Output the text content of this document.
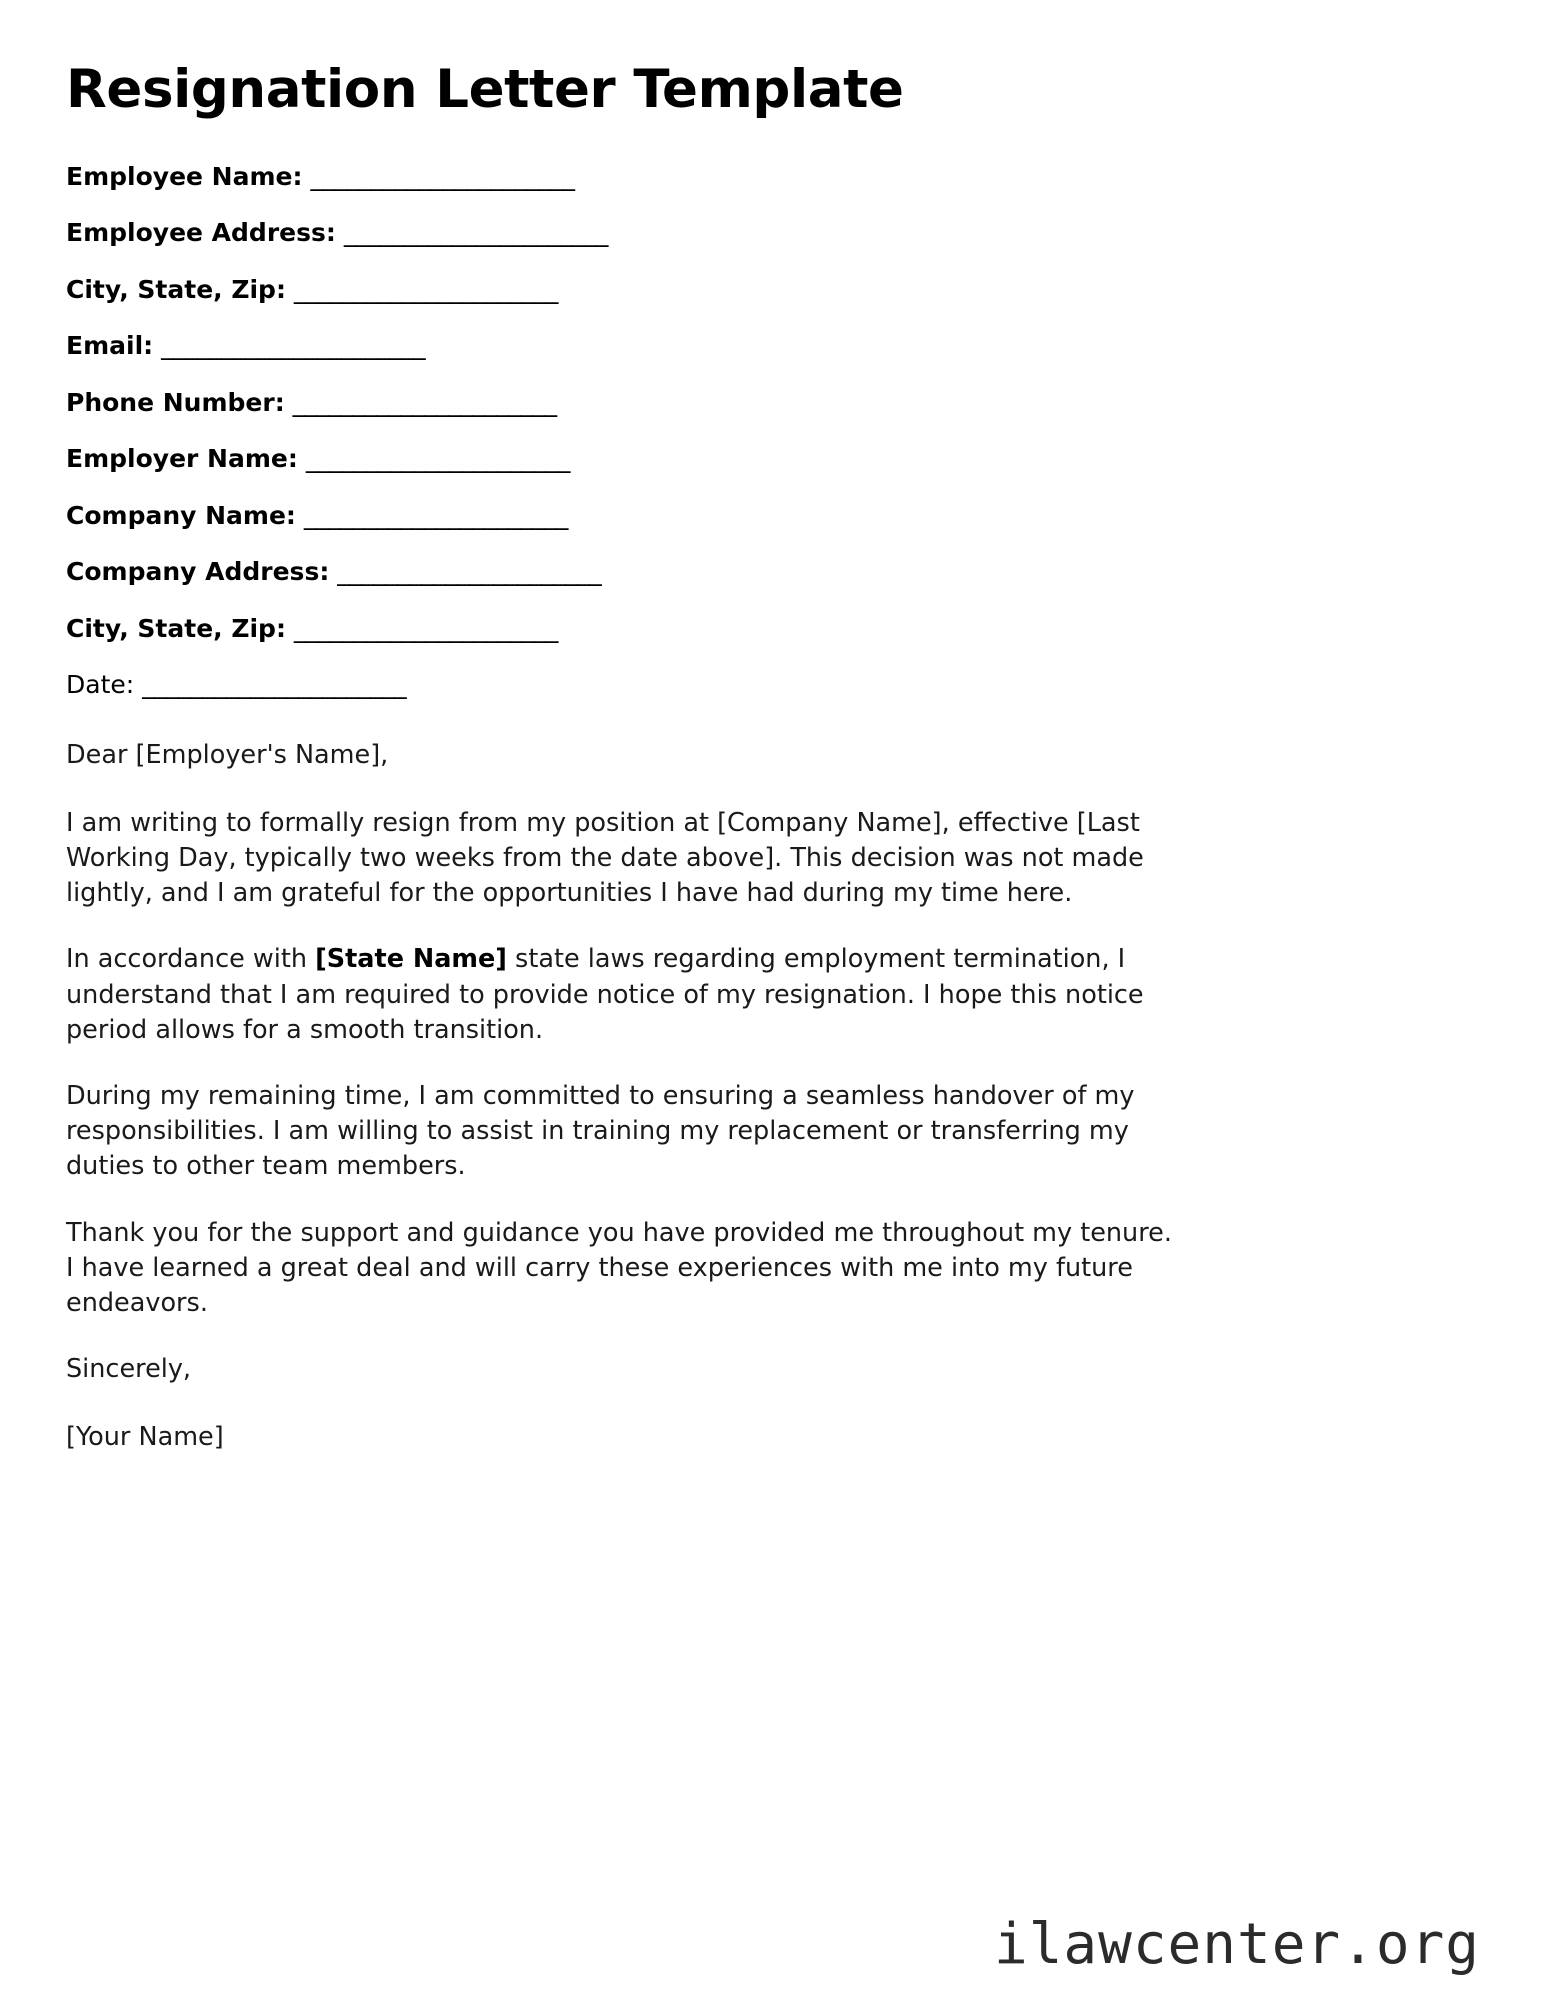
Resignation Letter Template
Employee Name: ______________________
Employee Address: ______________________
City, State, Zip: ______________________
Email: ______________________
Phone Number: ______________________
Employer Name: ______________________
Company Name: ______________________
Company Address: ______________________
City, State, Zip: ______________________
Date: ______________________

Dear [Employer's Name],

I am writing to formally resign from my position at [Company Name], effective [Last Working Day, typically two weeks from the date above]. This decision was not made lightly, and I am grateful for the opportunities I have had during my time here.

In accordance with [State Name] state laws regarding employment termination, I understand that I am required to provide notice of my resignation. I hope this notice period allows for a smooth transition.

During my remaining time, I am committed to ensuring a seamless handover of my responsibilities. I am willing to assist in training my replacement or transferring my duties to other team members.

Thank you for the support and guidance you have provided me throughout my tenure. I have learned a great deal and will carry these experiences with me into my future endeavors.

Sincerely,

[Your Name]

ilawcenter.org
